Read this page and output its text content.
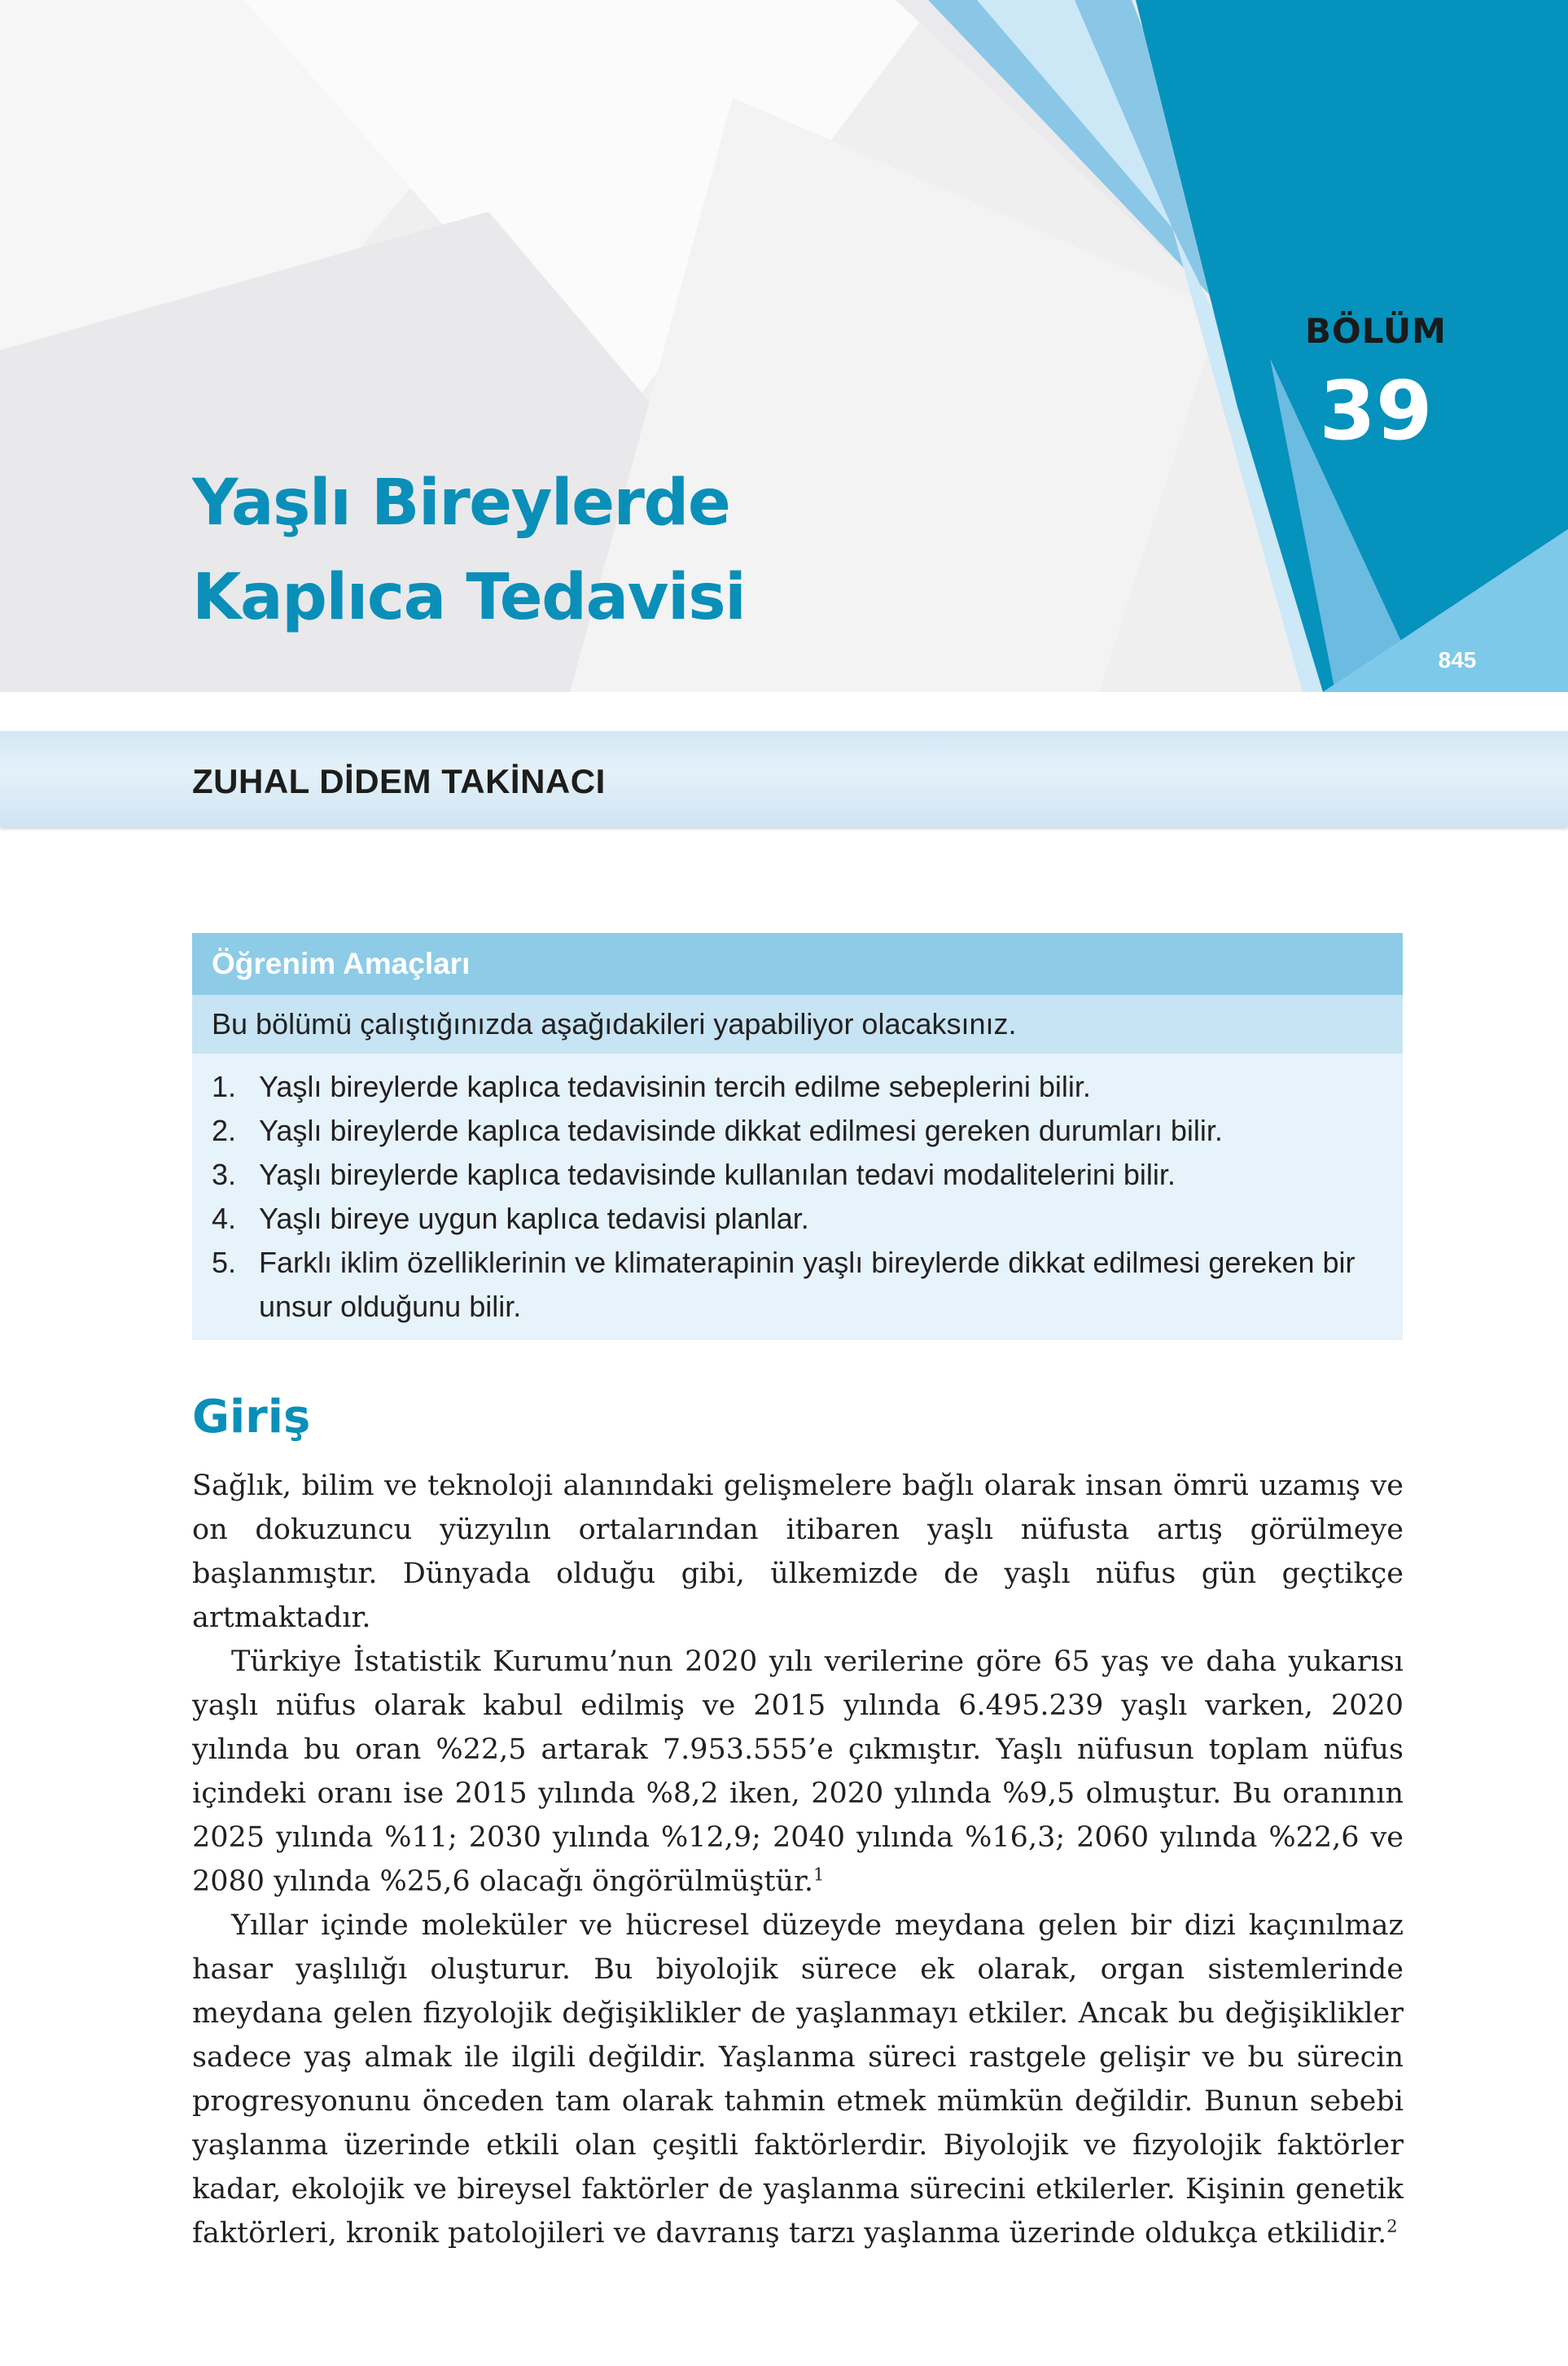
BÖLÜM
39
845
Yaşlı Bireylerde
Kaplıca Tedavisi
ZUHAL DİDEM TAKİNACI
Öğrenim Amaçları
Bu bölümü çalıştığınızda aşağıdakileri yapabiliyor olacaksınız.
1. Yaşlı bireylerde kaplıca tedavisinin tercih edilme sebeplerini bilir.
2. Yaşlı bireylerde kaplıca tedavisinde dikkat edilmesi gereken durumları bilir.
3. Yaşlı bireylerde kaplıca tedavisinde kullanılan tedavi modalitelerini bilir.
4. Yaşlı bireye uygun kaplıca tedavisi planlar.
5. Farklı iklim özelliklerinin ve klimaterapinin yaşlı bireylerde dikkat edilmesi gereken bir unsur olduğunu bilir.
Giriş

Sağlık, bilim ve teknoloji alanındaki gelişmelere bağlı olarak insan ömrü uzamış ve on dokuzuncu yüzyılın ortalarından itibaren yaşlı nüfusta artış görülmeye başlanmıştır. Dünyada olduğu gibi, ülkemizde de yaşlı nüfus gün geçtikçe artmaktadır.

Türkiye İstatistik Kurumu’nun 2020 yılı verilerine göre 65 yaş ve daha yukarısı yaşlı nüfus olarak kabul edilmiş ve 2015 yılında 6.495.239 yaşlı varken, 2020 yılında bu oran %22,5 artarak 7.953.555’e çıkmıştır. Yaşlı nüfusun toplam nüfus içindeki oranı ise 2015 yılında %8,2 iken, 2020 yılında %9,5 olmuştur. Bu oranının 2025 yılında %11; 2030 yılında %12,9; 2040 yılında %16,3; 2060 yılında %22,6 ve 2080 yılında %25,6 olacağı öngörülmüştür.$^1$

Yıllar içinde moleküler ve hücresel düzeyde meydana gelen bir dizi kaçınılmaz hasar yaşlılığı oluşturur. Bu biyolojik sürece ek olarak, organ sistemlerinde meydana gelen fizyolojik değişiklikler de yaşlanmayı etkiler. Ancak bu değişiklikler sadece yaş almak ile ilgili değildir. Yaşlanma süreci rastgele gelişir ve bu sürecin progresyonunu önceden tam olarak tahmin etmek mümkün değildir. Bunun sebebi yaşlanma üzerinde etkili olan çeşitli faktörlerdir. Biyolojik ve fizyolojik faktörler kadar, ekolojik ve bireysel faktörler de yaşlanma sürecini etkilerler. Kişinin genetik faktörleri, kronik patolojileri ve davranış tarzı yaşlanma üzerinde oldukça etkilidir.$^2$
